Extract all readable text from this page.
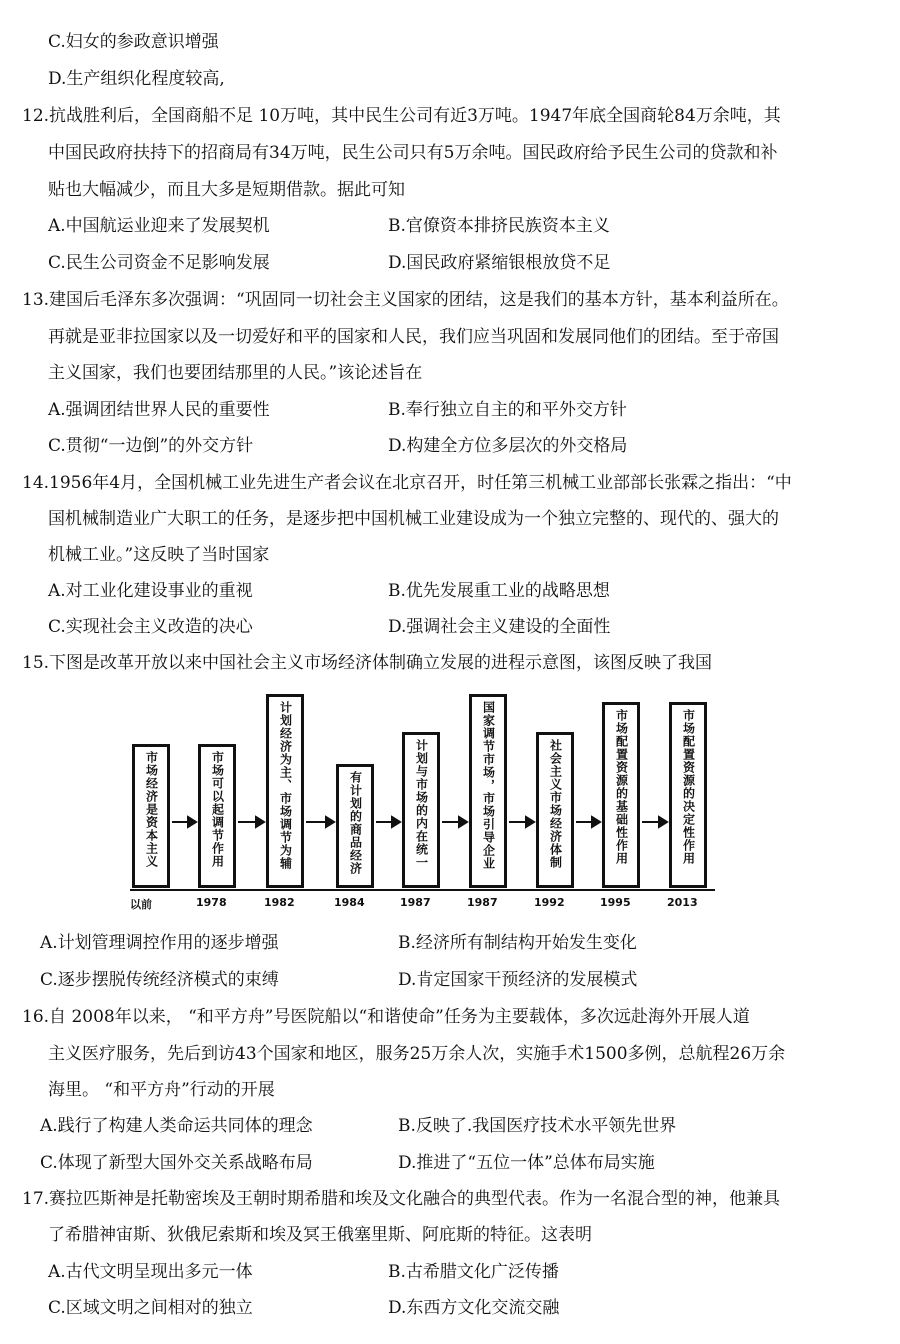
C.妇女的参政意识增强
D.生产组织化程度较高,
12.抗战胜利后，全国商船不足 10万吨，其中民生公司有近3万吨。1947年底全国商轮84万余吨，其
中国民政府扶持下的招商局有34万吨，民生公司只有5万余吨。国民政府给予民生公司的贷款和补
贴也大幅减少，而且大多是短期借款。据此可知
A.中国航运业迎来了发展契机	B.官僚资本排挤民族资本主义
C.民生公司资金不足影响发展	D.国民政府紧缩银根放贷不足
13.建国后毛泽东多次强调：“巩固同一切社会主义国家的团结，这是我们的基本方针，基本利益所在。
再就是亚非拉国家以及一切爱好和平的国家和人民，我们应当巩固和发展同他们的团结。至于帝国
主义国家，我们也要团结那里的人民。”该论述旨在
A.强调团结世界人民的重要性	B.奉行独立自主的和平外交方针
C.贯彻“一边倒”的外交方针	D.构建全方位多层次的外交格局
14.1956年4月，全国机械工业先进生产者会议在北京召开，时任第三机械工业部部长张霖之指出：“中
国机械制造业广大职工的任务，是逐步把中国机械工业建设成为一个独立完整的、现代的、强大的
机械工业。”这反映了当时国家
A.对工业化建设事业的重视	B.优先发展重工业的战略思想
C.实现社会主义改造的决心	D.强调社会主义建设的全面性
15.下图是改革开放以来中国社会主义市场经济体制确立发展的进程示意图，该图反映了我国
市场经济是资本主义	市场可以起调节作用	计划经济为主、市场调节为辅	有计划的商品经济	计划与市场的内在统一	国家调节市场，市场引导企业	社会主义市场经济体制	市场配置资源的基础性作用	市场配置资源的决定性作用
以前	1978	1982	1984	1987	1987	1992	1995	2013
A.计划管理调控作用的逐步增强	B.经济所有制结构开始发生变化
C.逐步摆脱传统经济模式的束缚	D.肯定国家干预经济的发展模式
16.自 2008年以来， “和平方舟”号医院船以“和谐使命”任务为主要载体，多次远赴海外开展人道
主义医疗服务，先后到访43个国家和地区，服务25万余人次，实施手术1500多例，总航程26万余
海里。 “和平方舟”行动的开展
A.践行了构建人类命运共同体的理念	B.反映了.我国医疗技术水平领先世界
C.体现了新型大国外交关系战略布局	D.推进了“五位一体”总体布局实施
17.赛拉匹斯神是托勒密埃及王朝时期希腊和埃及文化融合的典型代表。作为一名混合型的神，他兼具
了希腊神宙斯、狄俄尼索斯和埃及冥王俄塞里斯、阿庇斯的特征。这表明
A.古代文明呈现出多元一体	B.古希腊文化广泛传播
C.区域文明之间相对的独立	D.东西方文化交流交融
